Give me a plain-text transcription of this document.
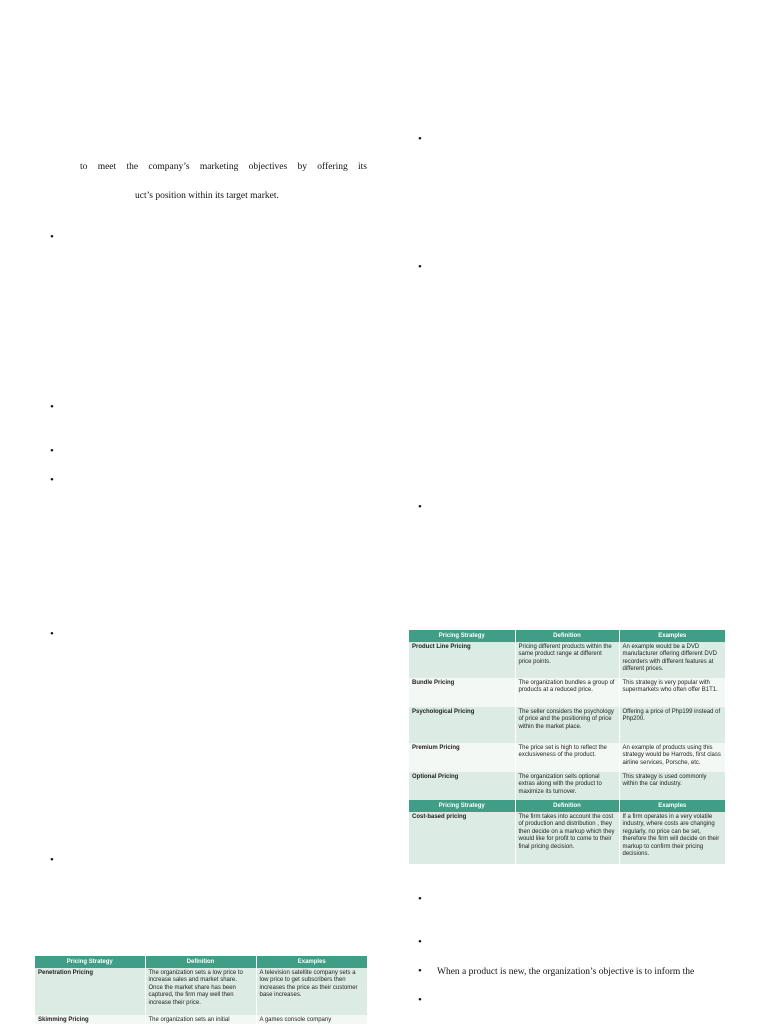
to meet the company’s marketing objectives by offering its
uct’s position within its target market.
•
•
•
•
•
•
•
•
•
•
•
• When a product is new, the organization’s objective is to inform the
•
Pricing Strategy	Definition	Examples
Product Line Pricing	Pricing different products within the same product range at different price points.	An example would be a DVD manufacturer offering different DVD recorders with different features at different prices.
Bundle Pricing	The organization bundles a group of products at a reduced price.	This strategy is very popular with supermarkets who often offer B1T1.
Psychological Pricing	The seller considers the psychology of price and the positioning of price within the market place.	Offering a price of Php199 instead of Php200.
Premium Pricing	The price set is high to reflect the exclusiveness of the product.	An example of products using this strategy would be Harrods, first class airline services, Porsche, etc.
Optional Pricing	The organization sells optional extras along with the product to maximize its turnover.	This strategy is used commonly within the car industry.
Pricing Strategy	Definition	Examples
Cost-based pricing	The firm takes into account the cost of production and distribution , they then decide on a markup which they would like for profit to come to their final pricing decision.	If a firm operates in a very volatile industry, where costs are changing regularly, no price can be set, therefore the firm will decide on their markup to confirm their pricing decisions.
Pricing Strategy	Definition	Examples
Penetration Pricing	The organization sets a low price to increase sales and market share. Once the market share has been captured, the firm may well then increase their price.	A television satellite company sets a low price to get subscribers then increases the price as their customer base increases.
Skimming Pricing	The organization sets an initial	A games console company
